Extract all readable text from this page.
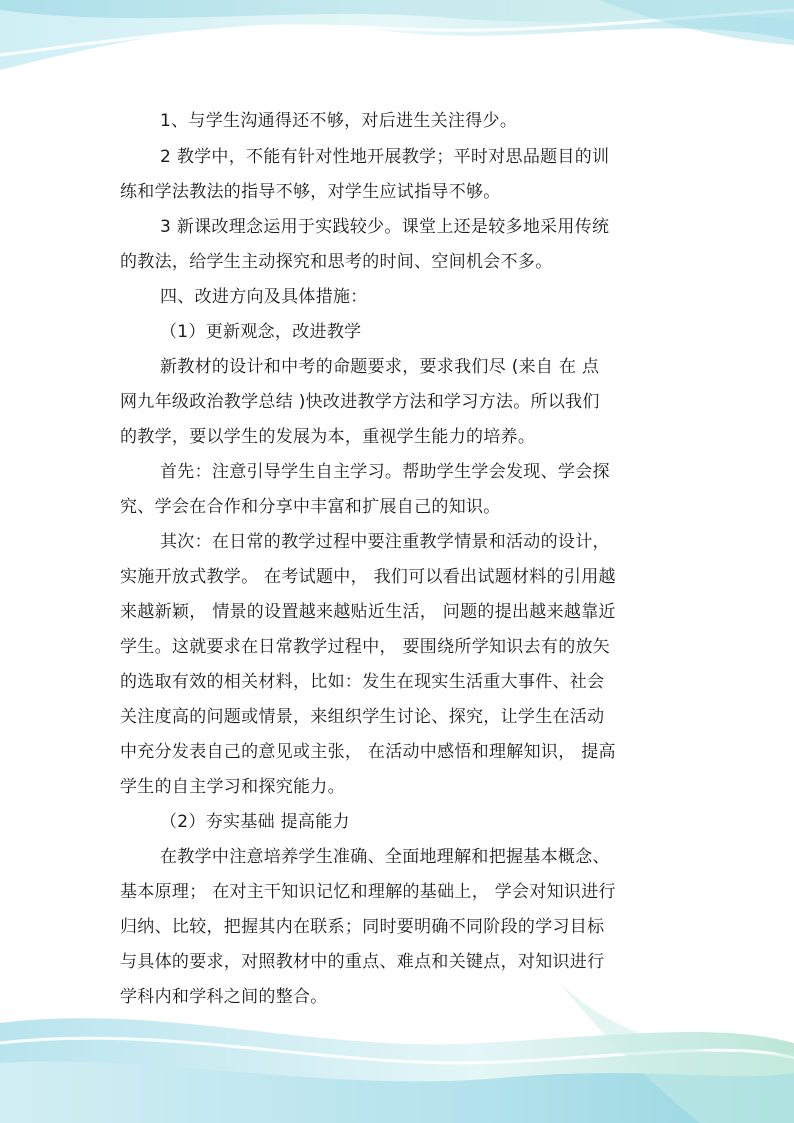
1、与学生沟通得还不够，对后进生关注得少。
2 教学中，不能有针对性地开展教学；平时对思品题目的训
练和学法教法的指导不够，对学生应试指导不够。
3 新课改理念运用于实践较少。课堂上还是较多地采用传统
的教法，给学生主动探究和思考的时间、空间机会不多。
四、改进方向及具体措施：
（1）更新观念，改进教学
新教材的设计和中考的命题要求，要求我们尽 (来自 在 点
网九年级政治教学总结 )快改进教学方法和学习方法。所以我们
的教学，要以学生的发展为本，重视学生能力的培养。
首先：注意引导学生自主学习。帮助学生学会发现、学会探
究、学会在合作和分享中丰富和扩展自己的知识。
其次：在日常的教学过程中要注重教学情景和活动的设计，
实施开放式教学。 在考试题中， 我们可以看出试题材料的引用越
来越新颖， 情景的设置越来越贴近生活， 问题的提出越来越靠近
学生。这就要求在日常教学过程中， 要围绕所学知识去有的放矢
的选取有效的相关材料，比如：发生在现实生活重大事件、社会
关注度高的问题或情景，来组织学生讨论、探究，让学生在活动
中充分发表自己的意见或主张， 在活动中感悟和理解知识， 提高
学生的自主学习和探究能力。
（2）夯实基础 提高能力
在教学中注意培养学生准确、全面地理解和把握基本概念、
基本原理； 在对主干知识记忆和理解的基础上， 学会对知识进行
归纳、比较，把握其内在联系；同时要明确不同阶段的学习目标
与具体的要求，对照教材中的重点、难点和关键点，对知识进行
学科内和学科之间的整合。
